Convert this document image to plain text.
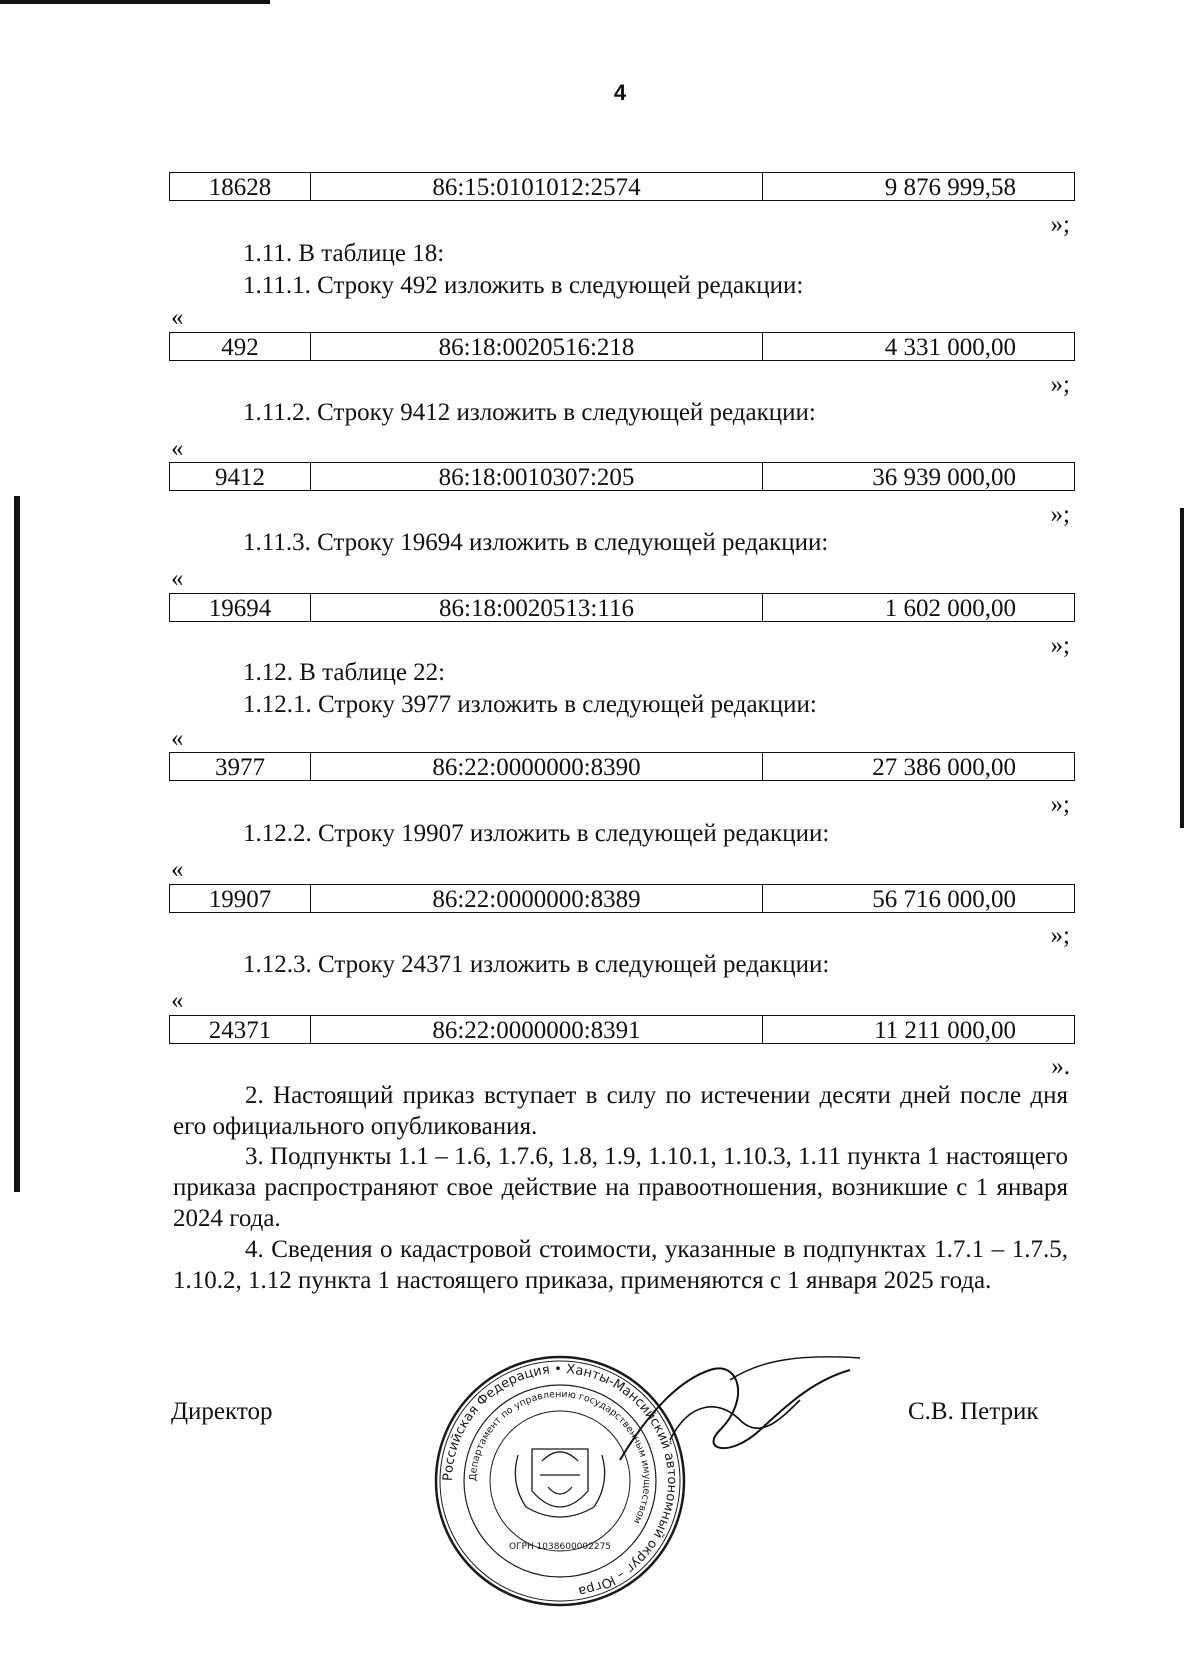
4
18628	86:15:0101012:2574	9 876 999,58
»;
1.11. В таблице 18:
1.11.1. Строку 492 изложить в следующей редакции:
«
492	86:18:0020516:218	4 331 000,00
»;
1.11.2. Строку 9412 изложить в следующей редакции:
«
9412	86:18:0010307:205	36 939 000,00
»;
1.11.3. Строку 19694 изложить в следующей редакции:
«
19694	86:18:0020513:116	1 602 000,00
»;
1.12. В таблице 22:
1.12.1. Строку 3977 изложить в следующей редакции:
«
3977	86:22:0000000:8390	27 386 000,00
»;
1.12.2. Строку 19907 изложить в следующей редакции:
«
19907	86:22:0000000:8389	56 716 000,00
»;
1.12.3. Строку 24371 изложить в следующей редакции:
«
24371	86:22:0000000:8391	11 211 000,00
».
2. Настоящий приказ вступает в силу по истечении десяти дней после дня его официального опубликования.
3. Подпункты 1.1 – 1.6, 1.7.6, 1.8, 1.9, 1.10.1, 1.10.3, 1.11 пункта 1 настоящего приказа распространяют свое действие на правоотношения, возникшие с 1 января 2024 года.
4. Сведения о кадастровой стоимости, указанные в подпунктах 1.7.1 – 1.7.5, 1.10.2, 1.12 пункта 1 настоящего приказа, применяются с 1 января 2025 года.
Директор	С.В. Петрик
Российская Федерация • Ханты-Мансийский автономный округ – Югра
Департамент по управлению государственным имуществом
ОГРН 1038600002275
